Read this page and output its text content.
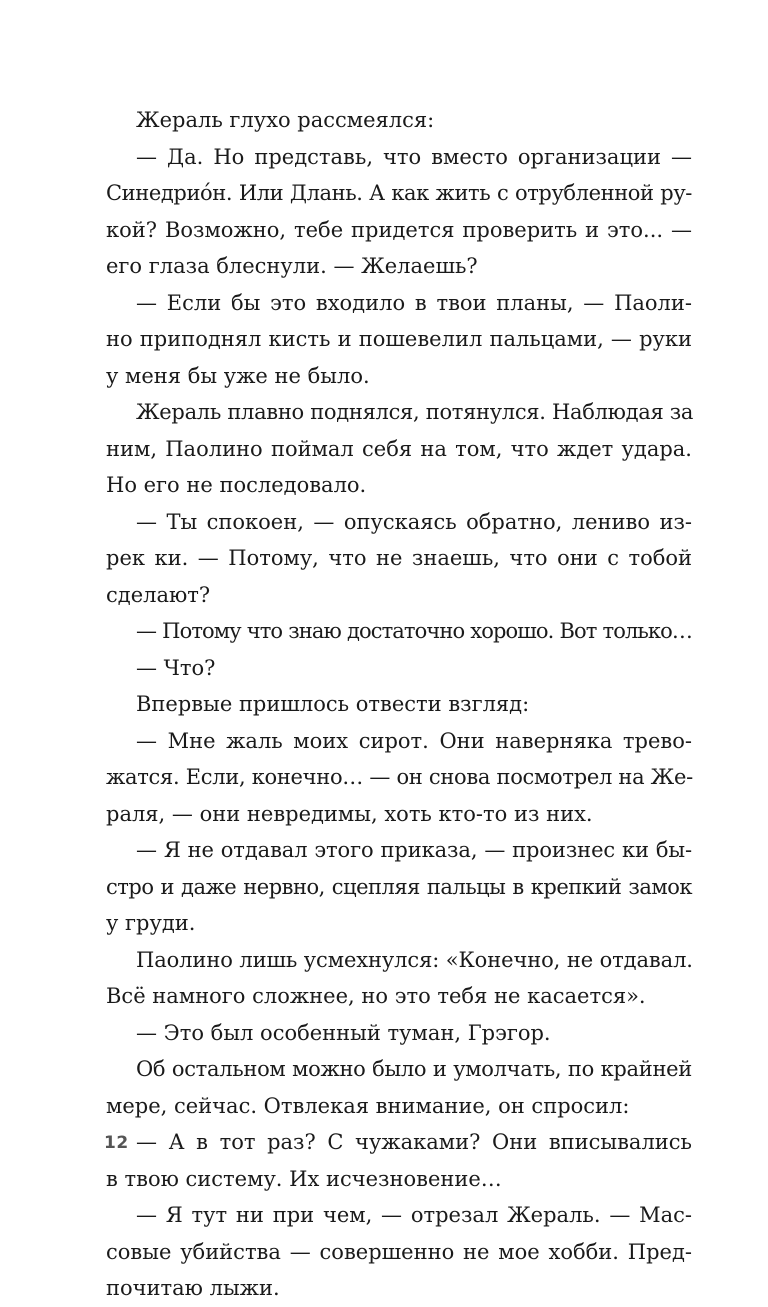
Жераль глухо рассмеялся:
— Да. Но представь, что вместо организации —
Синедрио́н. Или Длань. А как жить с отрубленной ру-
кой? Возможно, тебе придется проверить и это... —
его глаза блеснули. — Желаешь?
— Если бы это входило в твои планы, — Паоли-
но приподнял кисть и пошевелил пальцами, — руки
у меня бы уже не было.
Жераль плавно поднялся, потянулся. Наблюдая за
ним, Паолино поймал себя на том, что ждет удара.
Но его не последовало.
— Ты спокоен, — опускаясь обратно, лениво из-
рек ки. — Потому, что не знаешь, что они с тобой
сделают?
— Потому что знаю достаточно хорошо. Вот только…
— Что?
Впервые пришлось отвести взгляд:
— Мне жаль моих сирот. Они наверняка трево-
жатся. Если, конечно… — он снова посмотрел на Же-
раля, — они невредимы, хоть кто-то из них.
— Я не отдавал этого приказа, — произнес ки бы-
стро и даже нервно, сцепляя пальцы в крепкий замок
у груди.
Паолино лишь усмехнулся: «Конечно, не отдавал.
Всё намного сложнее, но это тебя не касается».
— Это был особенный туман, Грэгор.
Об остальном можно было и умолчать, по крайней
мере, сейчас. Отвлекая внимание, он спросил:
— А в тот раз? С чужаками? Они вписывались
в твою систему. Их исчезновение…
— Я тут ни при чем, — отрезал Жераль. — Мас-
совые убийства — совершенно не мое хобби. Пред-
почитаю лыжи.
12
